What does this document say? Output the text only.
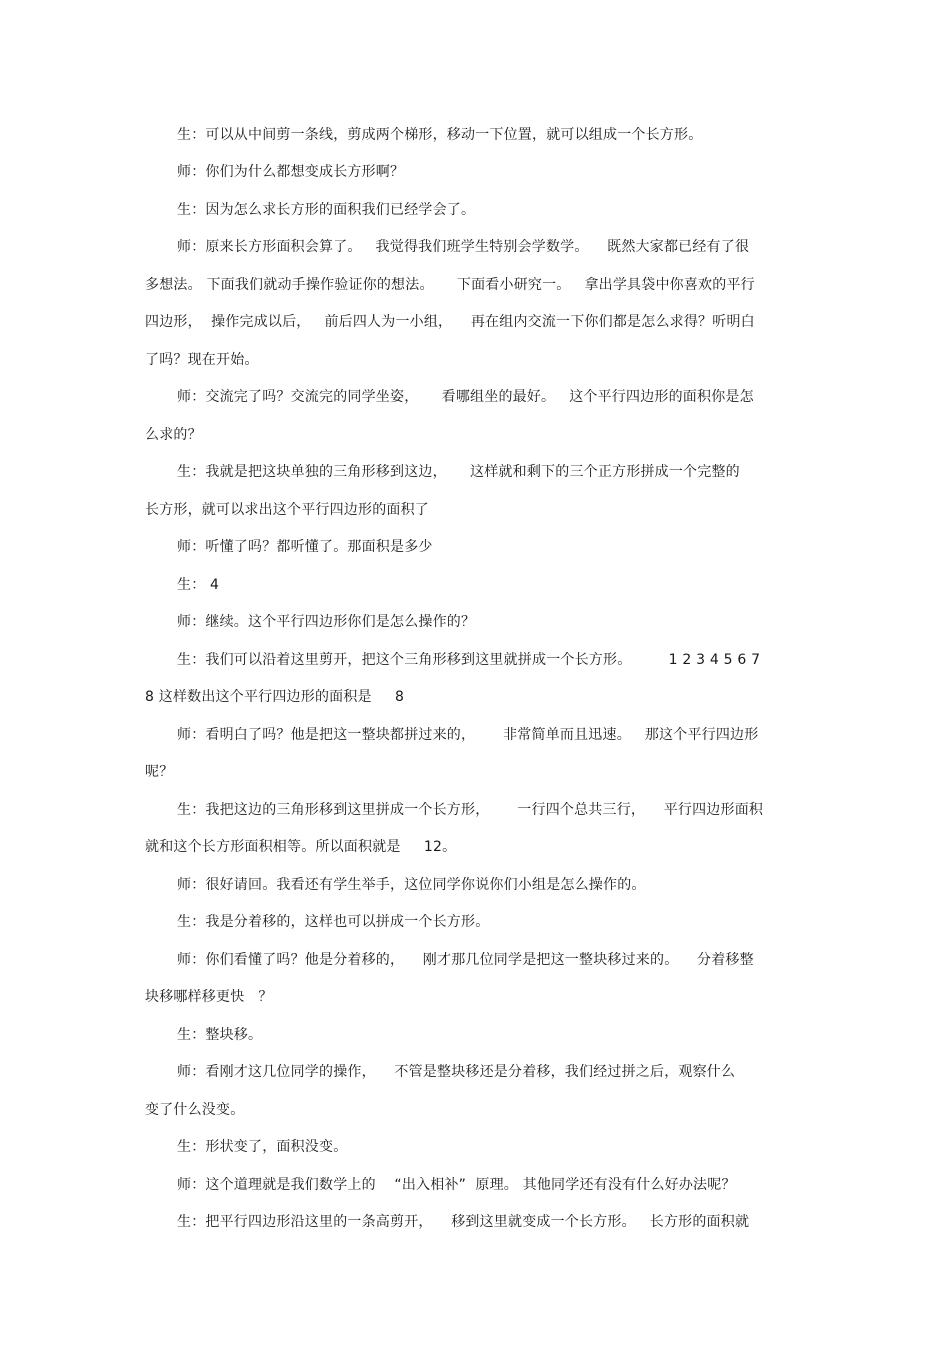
生：可以从中间剪一条线，剪成两个梯形，移动一下位置，就可以组成一个长方形。
师：你们为什么都想变成长方形啊？
生：因为怎么求长方形的面积我们已经学会了。
师：原来长方形面积会算了。   我觉得我们班学生特别会学数学。    既然大家都已经有了很
多想法。 下面我们就动手操作验证你的想法。     下面看小研究一。   拿出学具袋中你喜欢的平行
四边形，  操作完成以后，   前后四人为一小组，    再在组内交流一下你们都是怎么求得？听明白
了吗？现在开始。
师：交流完了吗？交流完的同学坐姿，     看哪组坐的最好。   这个平行四边形的面积你是怎
么求的？
生：我就是把这块单独的三角形移到这边，     这样就和剩下的三个正方形拼成一个完整的
长方形，就可以求出这个平行四边形的面积了
师：听懂了吗？都听懂了。那面积是多少
生： 4
师：继续。这个平行四边形你们是怎么操作的？
生：我们可以沿着这里剪开，把这个三角形移到这里就拼成一个长方形。        1 2 3 4 5 6 7
8 这样数出这个平行四边形的面积是     8
师：看明白了吗？他是把这一整块都拼过来的，      非常简单而且迅速。   那这个平行四边形
呢？
生：我把这边的三角形移到这里拼成一个长方形，      一行四个总共三行，    平行四边形面积
就和这个长方形面积相等。所以面积就是     12。
师：很好请回。我看还有学生举手，这位同学你说你们小组是怎么操作的。
生：我是分着移的，这样也可以拼成一个长方形。
师：你们看懂了吗？他是分着移的，    刚才那几位同学是把这一整块移过来的。    分着移整
块移哪样移更快   ？
生：整块移。
师：看刚才这几位同学的操作，    不管是整块移还是分着移，我们经过拼之后，观察什么
变了什么没变。
生：形状变了，面积没变。
师：这个道理就是我们数学上的    “出入相补”  原理。 其他同学还有没有什么好办法呢？
生：把平行四边形沿这里的一条高剪开，    移到这里就变成一个长方形。   长方形的面积就
